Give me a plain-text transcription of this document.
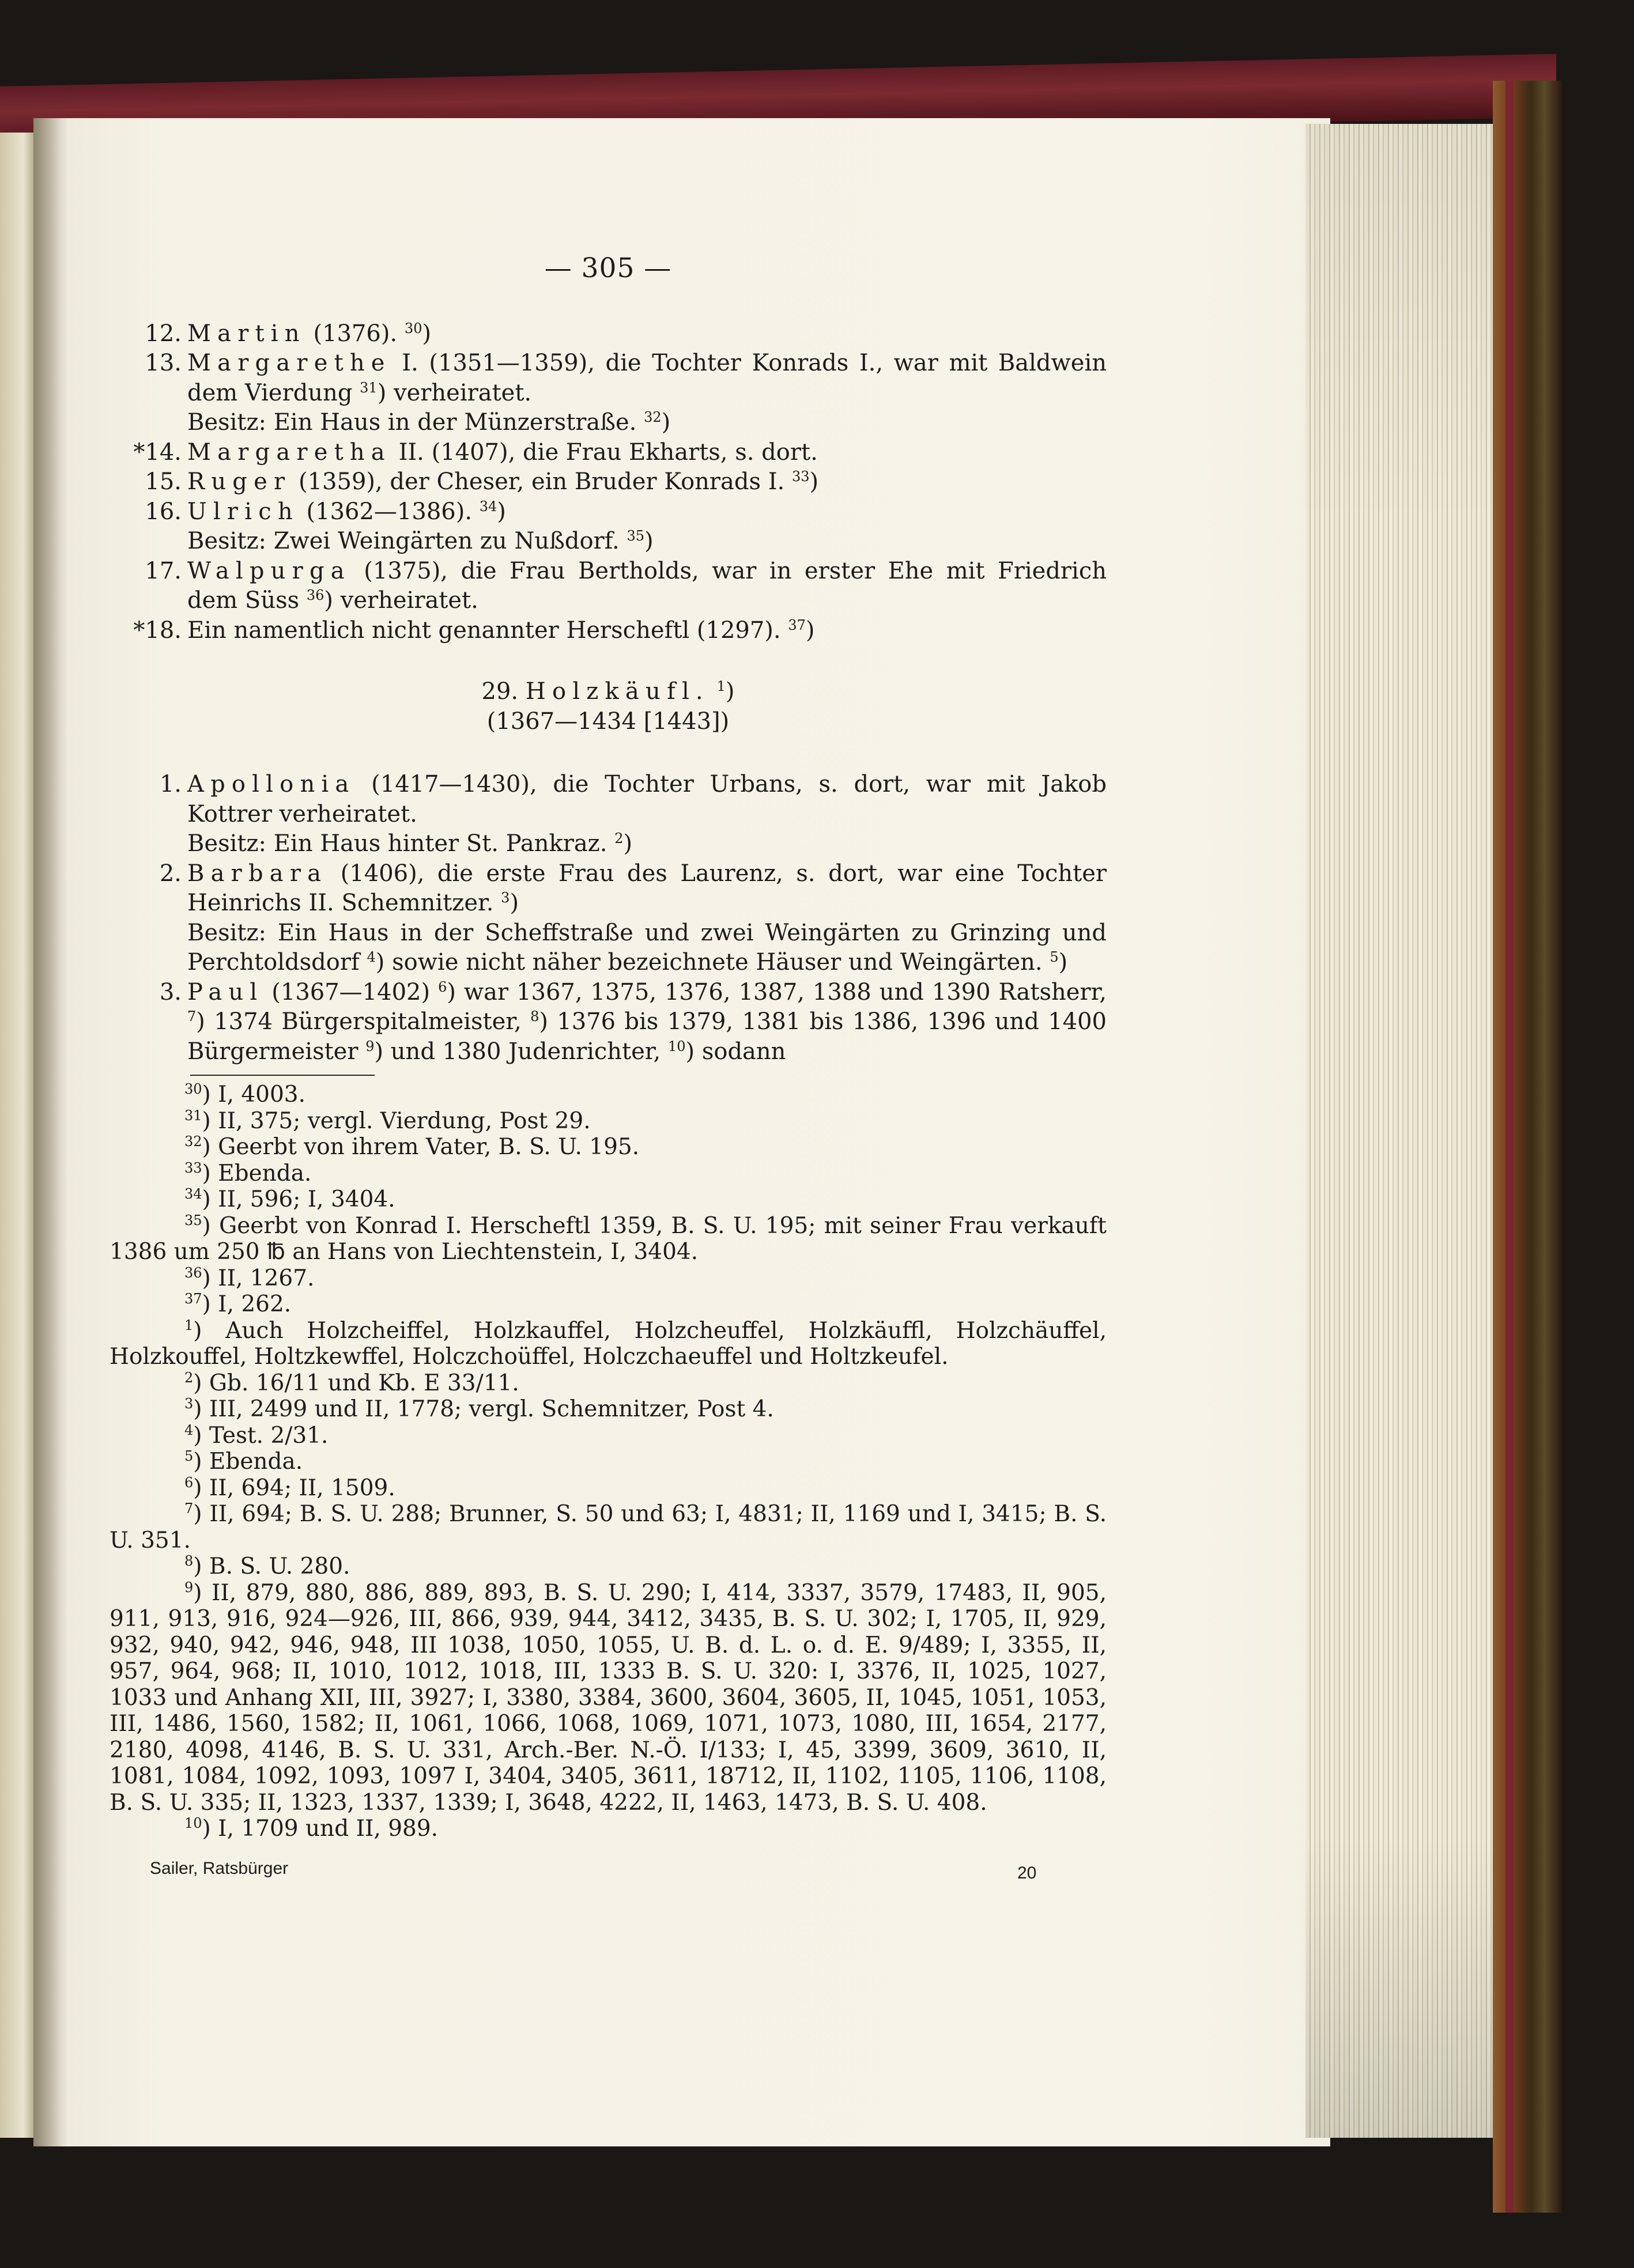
— 305 —
12. Martin (1376). $^{30}$)
13. Margarethe I. (1351—1359), die Tochter Konrads I., war mit Baldwein dem Vierdung $^{31}$) verheiratet.
Besitz: Ein Haus in der Münzerstraße. $^{32}$)
*14. Margaretha II. (1407), die Frau Ekharts, s. dort.
15. Ruger (1359), der Cheser, ein Bruder Konrads I. $^{33}$)
16. Ulrich (1362—1386). $^{34}$)
Besitz: Zwei Weingärten zu Nußdorf. $^{35}$)
17. Walpurga (1375), die Frau Bertholds, war in erster Ehe mit Friedrich dem Süss $^{36}$) verheiratet.
*18. Ein namentlich nicht genannter Herscheftl (1297). $^{37}$)
29. Holzkäufl. $^1$)
(1367—1434 [1443])
1. Apollonia (1417—1430), die Tochter Urbans, s. dort, war mit Jakob Kottrer verheiratet.
Besitz: Ein Haus hinter St. Pankraz. $^2$)
2. Barbara (1406), die erste Frau des Laurenz, s. dort, war eine Tochter Heinrichs II. Schemnitzer. $^3$)
Besitz: Ein Haus in der Scheffstraße und zwei Weingärten zu Grinzing und Perchtoldsdorf $^4$) sowie nicht näher bezeichnete Häuser und Weingärten. $^5$)
3. Paul (1367—1402) $^6$) war 1367, 1375, 1376, 1387, 1388 und 1390 Ratsherr, $^7$) 1374 Bürgerspitalmeister, $^8$) 1376 bis 1379, 1381 bis 1386, 1396 und 1400 Bürgermeister $^9$) und 1380 Judenrichter, $^{10}$) sodann
$^{30}$) I, 4003.
$^{31}$) II, 375; vergl. Vierdung, Post 29.
$^{32}$) Geerbt von ihrem Vater, B. S. U. 195.
$^{33}$) Ebenda.
$^{34}$) II, 596; I, 3404.
$^{35}$) Geerbt von Konrad I. Herscheftl 1359, B. S. U. 195; mit seiner Frau verkauft 1386 um 250 ℔ an Hans von Liechtenstein, I, 3404.
$^{36}$) II, 1267.
$^{37}$) I, 262.
$^1$) Auch Holzcheiffel, Holzkauffel, Holzcheuffel, Holzkäuffl, Holzchäuffel, Holzkouffel, Holtzkewffel, Holczchoüffel, Holczchaeuffel und Holtzkeufel.
$^2$) Gb. 16/11 und Kb. E 33/11.
$^3$) III, 2499 und II, 1778; vergl. Schemnitzer, Post 4.
$^4$) Test. 2/31.
$^5$) Ebenda.
$^6$) II, 694; II, 1509.
$^7$) II, 694; B. S. U. 288; Brunner, S. 50 und 63; I, 4831; II, 1169 und I, 3415; B. S. U. 351.
$^8$) B. S. U. 280.
$^9$) II, 879, 880, 886, 889, 893, B. S. U. 290; I, 414, 3337, 3579, 17483, II, 905, 911, 913, 916, 924—926, III, 866, 939, 944, 3412, 3435, B. S. U. 302; I, 1705, II, 929, 932, 940, 942, 946, 948, III 1038, 1050, 1055, U. B. d. L. o. d. E. 9/489; I, 3355, II, 957, 964, 968; II, 1010, 1012, 1018, III, 1333 B. S. U. 320: I, 3376, II, 1025, 1027, 1033 und Anhang XII, III, 3927; I, 3380, 3384, 3600, 3604, 3605, II, 1045, 1051, 1053, III, 1486, 1560, 1582; II, 1061, 1066, 1068, 1069, 1071, 1073, 1080, III, 1654, 2177, 2180, 4098, 4146, B. S. U. 331, Arch.-Ber. N.-Ö. I/133; I, 45, 3399, 3609, 3610, II, 1081, 1084, 1092, 1093, 1097 I, 3404, 3405, 3611, 18712, II, 1102, 1105, 1106, 1108, B. S. U. 335; II, 1323, 1337, 1339; I, 3648, 4222, II, 1463, 1473, B. S. U. 408.
$^{10}$) I, 1709 und II, 989.
Sailer, Ratsbürger	20
